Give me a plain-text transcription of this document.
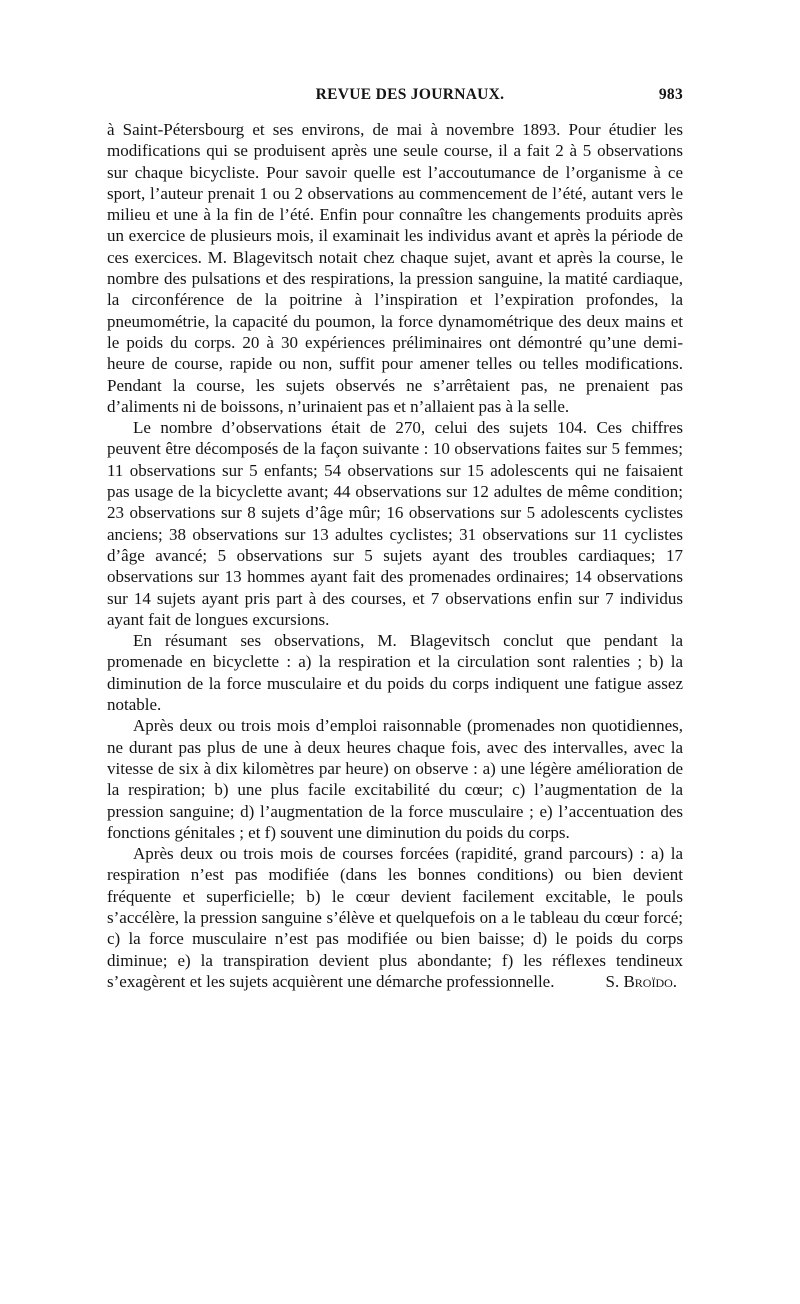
REVUE DES JOURNAUX.	983

à Saint-Pétersbourg et ses environs, de mai à novembre 1893. Pour étudier les modifications qui se produisent après une seule course, il a fait 2 à 5 observations sur chaque bicycliste. Pour savoir quelle est l’accoutumance de l’organisme à ce sport, l’auteur prenait 1 ou 2 observations au commencement de l’été, autant vers le milieu et une à la fin de l’été. Enfin pour connaître les changements produits après un exercice de plusieurs mois, il examinait les individus avant et après la période de ces exercices. M. Blagevitsch notait chez chaque sujet, avant et après la course, le nombre des pulsations et des respirations, la pression sanguine, la matité cardiaque, la circonférence de la poitrine à l’inspiration et l’expiration profondes, la pneumométrie, la capacité du poumon, la force dynamométrique des deux mains et le poids du corps. 20 à 30 expériences préliminaires ont démontré qu’une demi-heure de course, rapide ou non, suffit pour amener telles ou telles modifications. Pendant la course, les sujets observés ne s’arrêtaient pas, ne prenaient pas d’aliments ni de boissons, n’urinaient pas et n’allaient pas à la selle.

Le nombre d’observations était de 270, celui des sujets 104. Ces chiffres peuvent être décomposés de la façon suivante : 10 observations faites sur 5 femmes; 11 observations sur 5 enfants; 54 observations sur 15 adolescents qui ne faisaient pas usage de la bicyclette avant; 44 observations sur 12 adultes de même condition; 23 observations sur 8 sujets d’âge mûr; 16 observations sur 5 adolescents cyclistes anciens; 38 observations sur 13 adultes cyclistes; 31 observations sur 11 cyclistes d’âge avancé; 5 observations sur 5 sujets ayant des troubles cardiaques; 17 observations sur 13 hommes ayant fait des promenades ordinaires; 14 observations sur 14 sujets ayant pris part à des courses, et 7 observations enfin sur 7 individus ayant fait de longues excursions.

En résumant ses observations, M. Blagevitsch conclut que pendant la promenade en bicyclette : a) la respiration et la circulation sont ralenties ; b) la diminution de la force musculaire et du poids du corps indiquent une fatigue assez notable.

Après deux ou trois mois d’emploi raisonnable (promenades non quotidiennes, ne durant pas plus de une à deux heures chaque fois, avec des intervalles, avec la vitesse de six à dix kilomètres par heure) on observe : a) une légère amélioration de la respiration; b) une plus facile excitabilité du cœur; c) l’augmentation de la pression sanguine; d) l’augmentation de la force musculaire ; e) l’accentuation des fonctions génitales ; et f) souvent une diminution du poids du corps.

Après deux ou trois mois de courses forcées (rapidité, grand parcours) : a) la respiration n’est pas modifiée (dans les bonnes conditions) ou bien devient fréquente et superficielle; b) le cœur devient facilement excitable, le pouls s’accélère, la pression sanguine s’élève et quelquefois on a le tableau du cœur forcé; c) la force musculaire n’est pas modifiée ou bien baisse; d) le poids du corps diminue; e) la transpiration devient plus abondante; f) les réflexes tendineux s’exagèrent et les sujets acquièrent une démarche professionnelle.	S. Broïdo.
